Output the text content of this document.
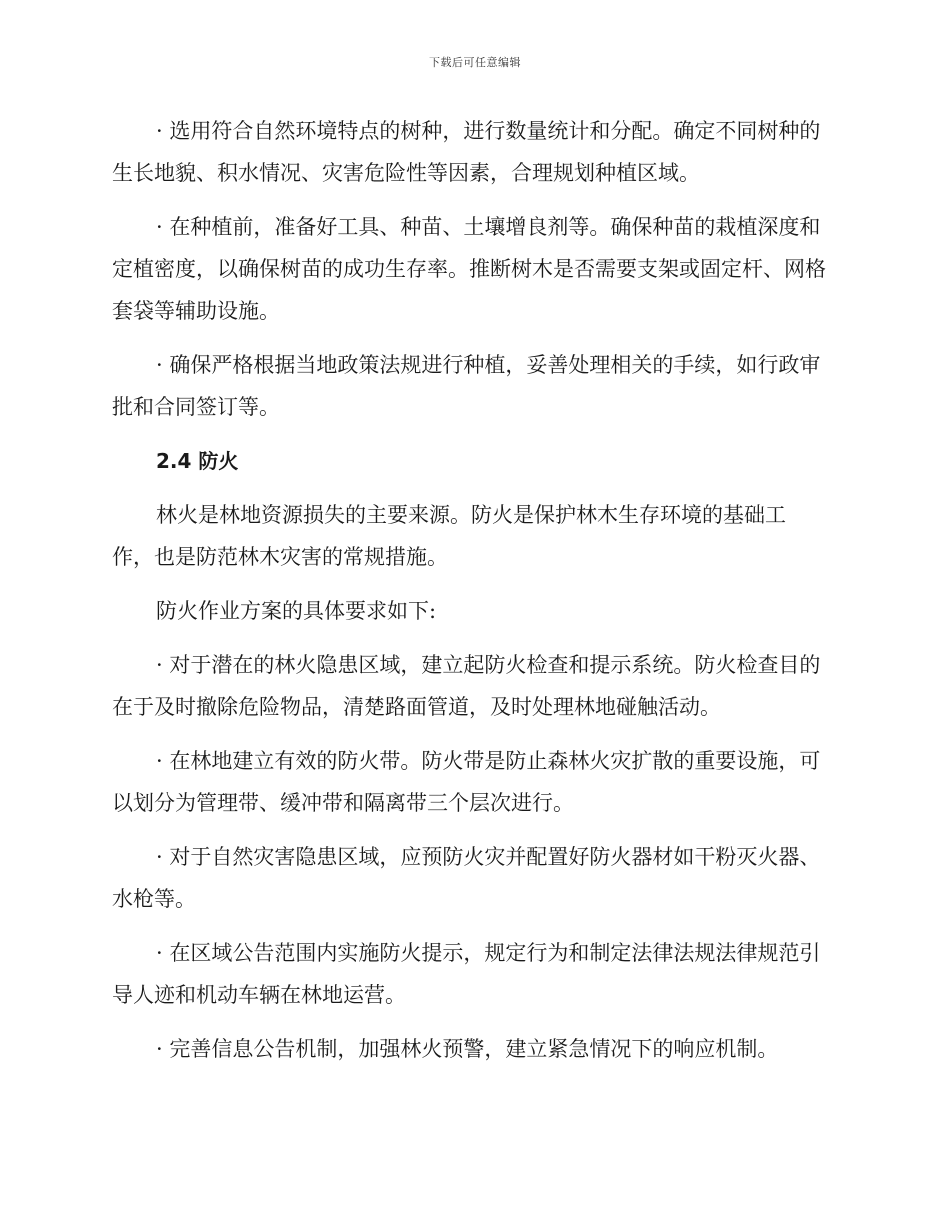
下载后可任意编辑

· 选用符合自然环境特点的树种，进行数量统计和分配。确定不同树种的生长地貌、积水情况、灾害危险性等因素，合理规划种植区域。

· 在种植前，准备好工具、种苗、土壤增良剂等。确保种苗的栽植深度和定植密度，以确保树苗的成功生存率。推断树木是否需要支架或固定杆、网格套袋等辅助设施。

· 确保严格根据当地政策法规进行种植，妥善处理相关的手续，如行政审批和合同签订等。

2.4 防火

林火是林地资源损失的主要来源。防火是保护林木生存环境的基础工作，也是防范林木灾害的常规措施。

防火作业方案的具体要求如下:

· 对于潜在的林火隐患区域，建立起防火检查和提示系统。防火检查目的在于及时撤除危险物品，清楚路面管道，及时处理林地碰触活动。

· 在林地建立有效的防火带。防火带是防止森林火灾扩散的重要设施，可以划分为管理带、缓冲带和隔离带三个层次进行。

· 对于自然灾害隐患区域，应预防火灾并配置好防火器材如干粉灭火器、水枪等。

· 在区域公告范围内实施防火提示，规定行为和制定法律法规法律规范引导人迹和机动车辆在林地运营。

· 完善信息公告机制，加强林火预警，建立紧急情况下的响应机制。
